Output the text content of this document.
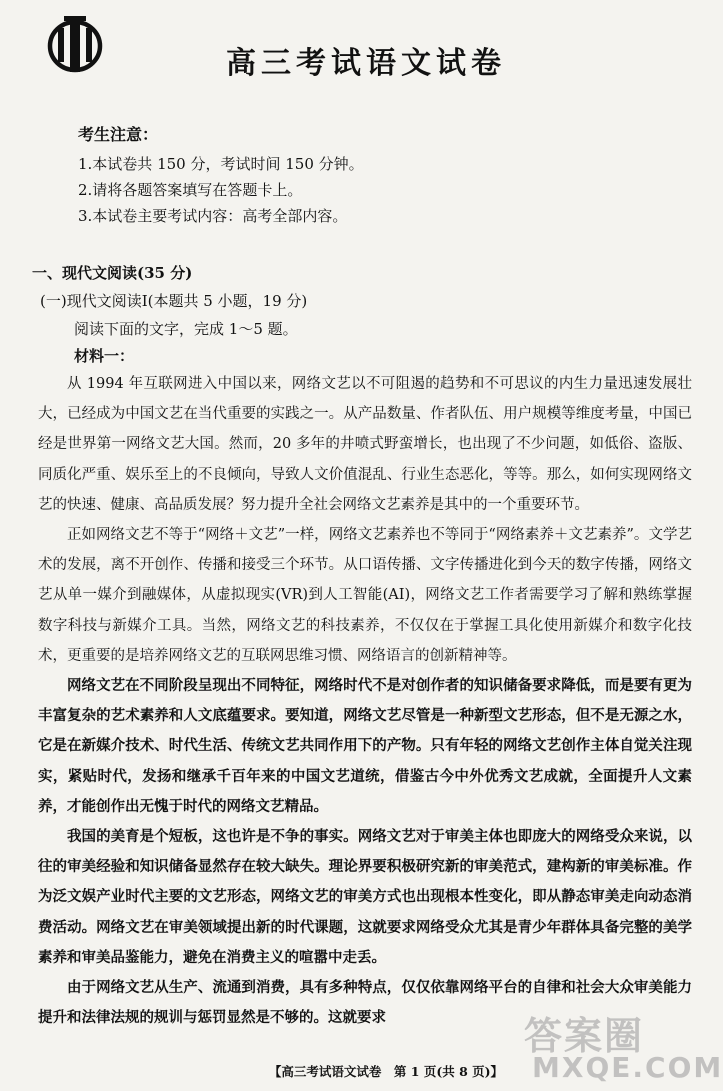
高三考试语文试卷
考生注意：
1.本试卷共 150 分，考试时间 150 分钟。
2.请将各题答案填写在答题卡上。
3.本试卷主要考试内容：高考全部内容。
一、现代文阅读(35 分)
(一)现代文阅读Ⅰ(本题共 5 小题，19 分)
阅读下面的文字，完成 1～5 题。
材料一：

从 1994 年互联网进入中国以来，网络文艺以不可阻遏的趋势和不可思议的内生力量迅速发展壮大，已经成为中国文艺在当代重要的实践之一。从产品数量、作者队伍、用户规模等维度考量，中国已经是世界第一网络文艺大国。然而，20 多年的井喷式野蛮增长，也出现了不少问题，如低俗、盗版、同质化严重、娱乐至上的不良倾向，导致人文价值混乱、行业生态恶化，等等。那么，如何实现网络文艺的快速、健康、高品质发展？努力提升全社会网络文艺素养是其中的一个重要环节。

正如网络文艺不等于“网络＋文艺”一样，网络文艺素养也不等同于“网络素养＋文艺素养”。文学艺术的发展，离不开创作、传播和接受三个环节。从口语传播、文字传播进化到今天的数字传播，网络文艺从单一媒介到融媒体，从虚拟现实(VR)到人工智能(AI)，网络文艺工作者需要学习了解和熟练掌握数字科技与新媒介工具。当然，网络文艺的科技素养，不仅仅在于掌握工具化使用新媒介和数字化技术，更重要的是培养网络文艺的互联网思维习惯、网络语言的创新精神等。

网络文艺在不同阶段呈现出不同特征，网络时代不是对创作者的知识储备要求降低，而是要有更为丰富复杂的艺术素养和人文底蕴要求。要知道，网络文艺尽管是一种新型文艺形态，但不是无源之水，它是在新媒介技术、时代生活、传统文艺共同作用下的产物。只有年轻的网络文艺创作主体自觉关注现实，紧贴时代，发扬和继承千百年来的中国文艺道统，借鉴古今中外优秀文艺成就，全面提升人文素养，才能创作出无愧于时代的网络文艺精品。

我国的美育是个短板，这也许是不争的事实。网络文艺对于审美主体也即庞大的网络受众来说，以往的审美经验和知识储备显然存在较大缺失。理论界要积极研究新的审美范式，建构新的审美标准。作为泛文娱产业时代主要的文艺形态，网络文艺的审美方式也出现根本性变化，即从静态审美走向动态消费活动。网络文艺在审美领域提出新的时代课题，这就要求网络受众尤其是青少年群体具备完整的美学素养和审美品鉴能力，避免在消费主义的喧嚣中走丢。

由于网络文艺从生产、流通到消费，具有多种特点，仅仅依靠网络平台的自律和社会大众审美能力提升和法律法规的规训与惩罚显然是不够的。这就要求

【高三考试语文试卷　第 1 页(共 8 页)】
答案圈
MXQE.COM
